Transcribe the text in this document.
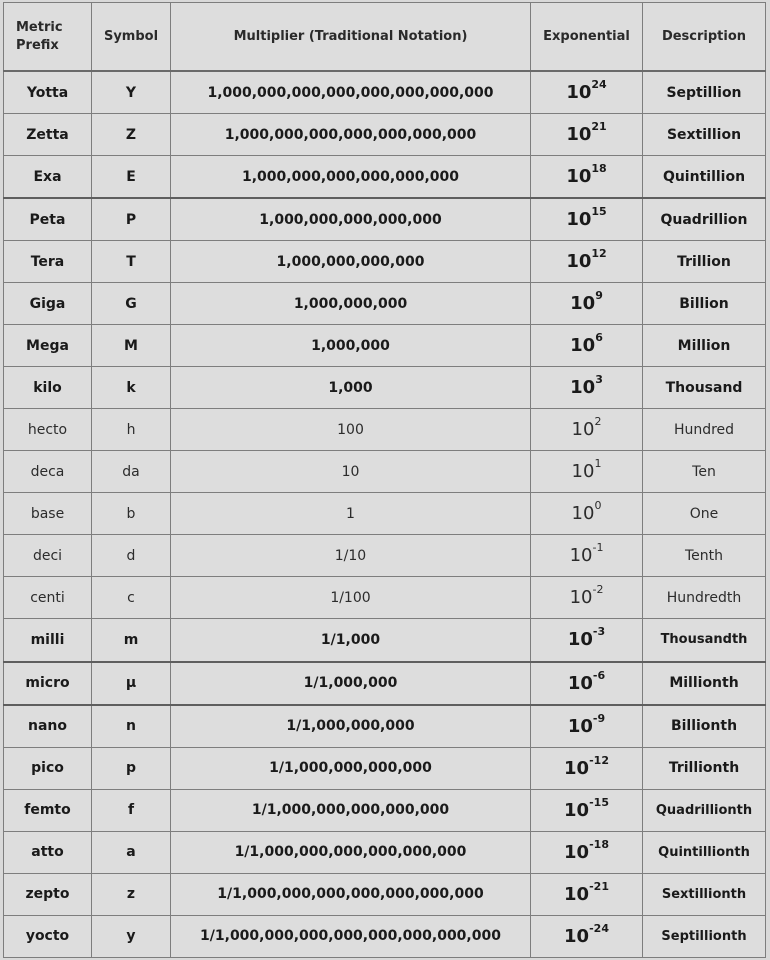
Metric Prefix	Symbol	Multiplier (Traditional Notation)	Exponential	Description
Yotta	Y	1,000,000,000,000,000,000,000,000	$10^{24}$	Septillion
Zetta	Z	1,000,000,000,000,000,000,000	$10^{21}$	Sextillion
Exa	E	1,000,000,000,000,000,000	$10^{18}$	Quintillion
Peta	P	1,000,000,000,000,000	$10^{15}$	Quadrillion
Tera	T	1,000,000,000,000	$10^{12}$	Trillion
Giga	G	1,000,000,000	$10^9$	Billion
Mega	M	1,000,000	$10^6$	Million
kilo	k	1,000	$10^3$	Thousand
hecto	h	100	$10^2$	Hundred
deca	da	10	$10^1$	Ten
base	b	1	$10^0$	One
deci	d	1/10	$10^{-1}$	Tenth
centi	c	1/100	$10^{-2}$	Hundredth
milli	m	1/1,000	$10^{-3}$	Thousandth
micro	µ	1/1,000,000	$10^{-6}$	Millionth
nano	n	1/1,000,000,000	$10^{-9}$	Billionth
pico	p	1/1,000,000,000,000	$10^{-12}$	Trillionth
femto	f	1/1,000,000,000,000,000	$10^{-15}$	Quadrillionth
atto	a	1/1,000,000,000,000,000,000	$10^{-18}$	Quintillionth
zepto	z	1/1,000,000,000,000,000,000,000	$10^{-21}$	Sextillionth
yocto	y	1/1,000,000,000,000,000,000,000,000	$10^{-24}$	Septillionth
